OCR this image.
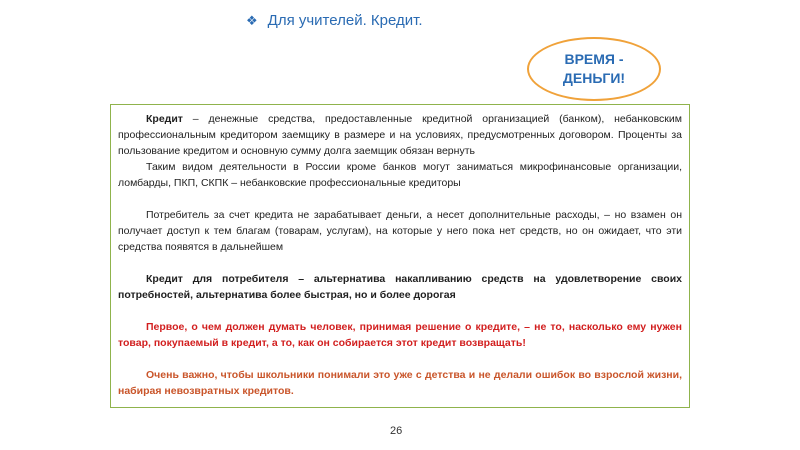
❖ Для учителей. Кредит.
ВРЕМЯ -
ДЕНЬГИ!

Кредит – денежные средства, предоставленные кредитной организацией (банком), небанковским профессиональным кредитором заемщику в размере и на условиях, предусмотренных договором. Проценты за пользование кредитом и основную сумму долга заемщик обязан вернуть

Таким видом деятельности в России кроме банков могут заниматься микрофинансовые организации, ломбарды, ПКП, СКПК – небанковские профессиональные кредиторы

Потребитель за счет кредита не зарабатывает деньги, а несет дополнительные расходы, – но взамен он получает доступ к тем благам (товарам, услугам), на которые у него пока нет средств, но он ожидает, что эти средства появятся в дальнейшем

Кредит для потребителя – альтернатива накапливанию средств на удовлетворение своих потребностей, альтернатива более быстрая, но и более дорогая

Первое, о чем должен думать человек, принимая решение о кредите, – не то, насколько ему нужен товар, покупаемый в кредит, а то, как он собирается этот кредит возвращать!

Очень важно, чтобы школьники понимали это уже с детства и не делали ошибок во взрослой жизни, набирая невозвратных кредитов.

26
